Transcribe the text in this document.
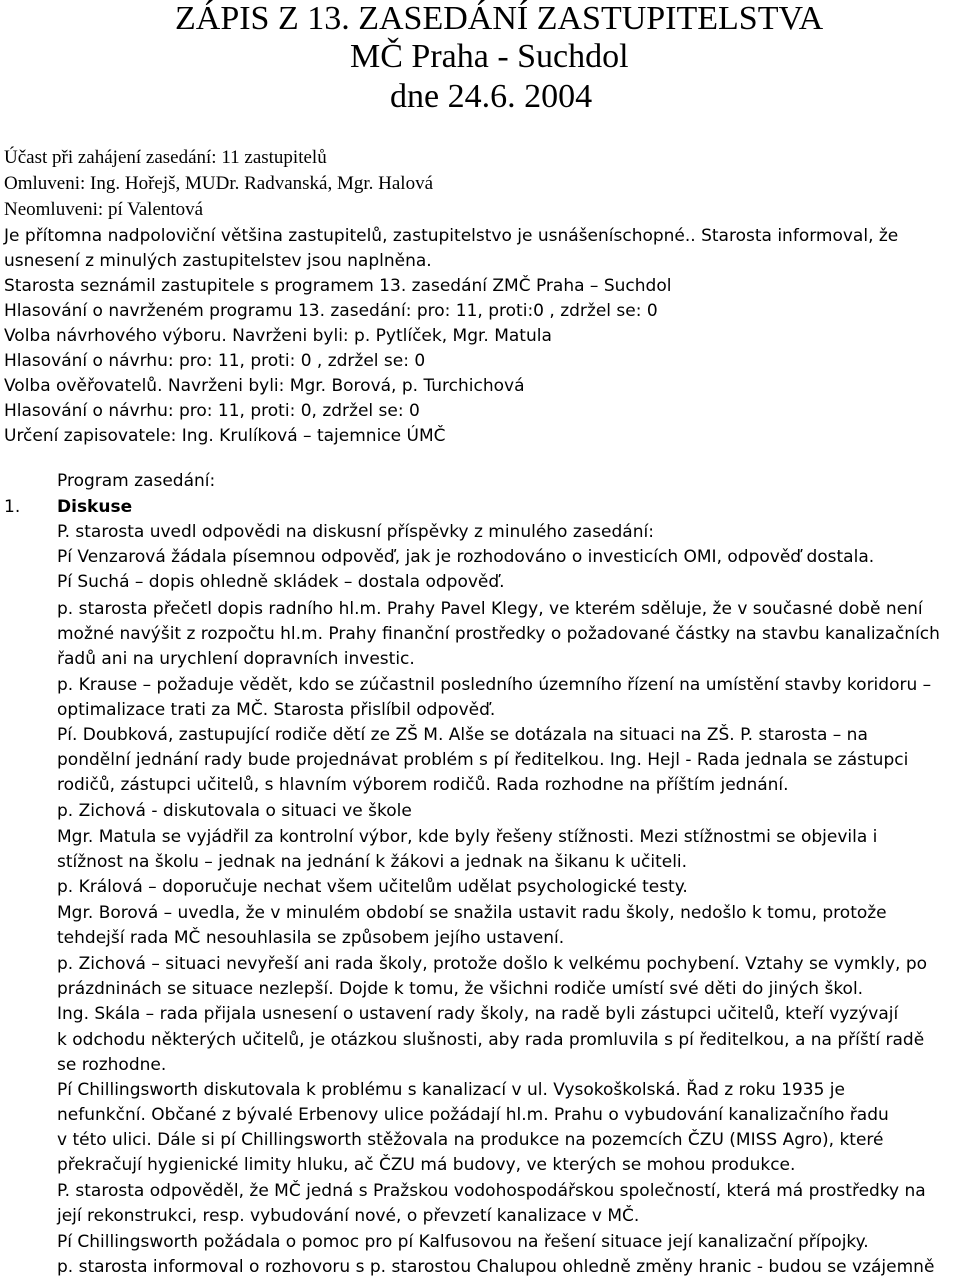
ZÁPIS Z 13. ZASEDÁNÍ ZASTUPITELSTVA
MČ Praha - Suchdol
dne 24.6. 2004
Účast při zahájení zasedání: 11 zastupitelů
Omluveni: Ing. Hořejš, MUDr. Radvanská, Mgr. Halová
Neomluveni: pí Valentová
Je přítomna nadpoloviční většina zastupitelů, zastupitelstvo je usnášeníschopné.. Starosta informoval, že
usnesení z minulých zastupitelstev jsou naplněna.
Starosta seznámil zastupitele s programem 13. zasedání ZMČ Praha – Suchdol
Hlasování o navrženém programu 13. zasedání: pro: 11, proti:0 , zdržel se: 0
Volba návrhového výboru. Navrženi byli: p. Pytlíček, Mgr. Matula
Hlasování o návrhu: pro: 11, proti: 0 , zdržel se: 0
Volba ověřovatelů. Navrženi byli: Mgr. Borová, p. Turchichová
Hlasování o návrhu: pro: 11, proti: 0, zdržel se: 0
Určení zapisovatele: Ing. Krulíková – tajemnice ÚMČ
Program zasedání:
1. Diskuse
P. starosta uvedl odpovědi na diskusní příspěvky z minulého zasedání:
Pí Venzarová žádala písemnou odpověď, jak je rozhodováno o investicích OMI, odpověď dostala.
Pí Suchá – dopis ohledně skládek – dostala odpověď.
p. starosta přečetl dopis radního hl.m. Prahy Pavel Klegy, ve kterém sděluje, že v současné době není
možné navýšit z rozpočtu hl.m. Prahy finanční prostředky o požadované částky na stavbu kanalizačních
řadů ani na urychlení dopravních investic.
p. Krause – požaduje vědět, kdo se zúčastnil posledního územního řízení na umístění stavby koridoru –
optimalizace trati za MČ. Starosta přislíbil odpověď.
Pí. Doubková, zastupující rodiče dětí ze ZŠ M. Alše se dotázala na situaci na ZŠ. P. starosta – na
pondělní jednání rady bude projednávat problém s pí ředitelkou. Ing. Hejl - Rada jednala se zástupci
rodičů, zástupci učitelů, s hlavním výborem rodičů. Rada rozhodne na příštím jednání.
p. Zichová - diskutovala o situaci ve škole
Mgr. Matula se vyjádřil za kontrolní výbor, kde byly řešeny stížnosti. Mezi stížnostmi se objevila i
stížnost na školu – jednak na jednání k žákovi a jednak na šikanu k učiteli.
p. Králová – doporučuje nechat všem učitelům udělat psychologické testy.
Mgr. Borová – uvedla, že v minulém období se snažila ustavit radu školy, nedošlo k tomu, protože
tehdejší rada MČ nesouhlasila se způsobem jejího ustavení.
p. Zichová – situaci nevyřeší ani rada školy, protože došlo k velkému pochybení. Vztahy se vymkly, po
prázdninách se situace nezlepší. Dojde k tomu, že všichni rodiče umístí své děti do jiných škol.
Ing. Skála – rada přijala usnesení o ustavení rady školy, na radě byli zástupci učitelů, kteří vyzývají
k odchodu některých učitelů, je otázkou slušnosti, aby rada promluvila s pí ředitelkou, a na příští radě
se rozhodne.
Pí Chillingsworth diskutovala k problému s kanalizací v ul. Vysokoškolská. Řad z roku 1935 je
nefunkční. Občané z bývalé Erbenovy ulice požádají hl.m. Prahu o vybudování kanalizačního řadu
v této ulici. Dále si pí Chillingsworth stěžovala na produkce na pozemcích ČZU (MISS Agro), které
překračují hygienické limity hluku, ač ČZU má budovy, ve kterých se mohou produkce.
P. starosta odpověděl, že MČ jedná s Pražskou vodohospodářskou společností, která má prostředky na
její rekonstrukci, resp. vybudování nové, o převzetí kanalizace v MČ.
Pí Chillingsworth požádala o pomoc pro pí Kalfusovou na řešení situace její kanalizační přípojky.
p. starosta informoval o rozhovoru s p. starostou Chalupou ohledně změny hranic - budou se vzájemně
